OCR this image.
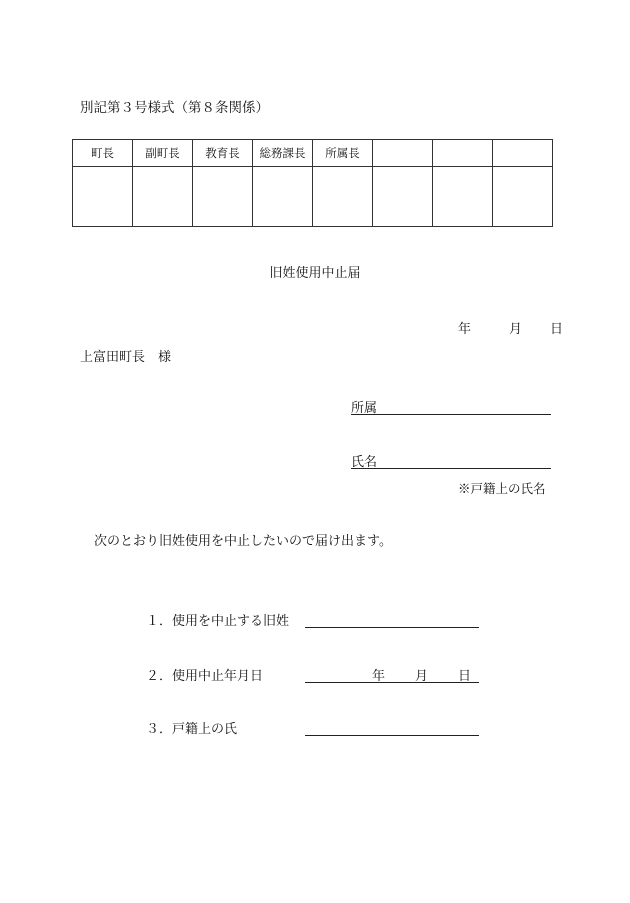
別記第３号様式（第８条関係）
町長	副町長	教育長	総務課長	所属長			

旧姓使用中止届
年	月 日
上富田町長　様
所属
氏名
※戸籍上の氏名
次のとおり旧姓使用を中止したいので届け出ます。
１．使用を中止する旧姓
２．使用中止年月日	年 月 日
３．戸籍上の氏
